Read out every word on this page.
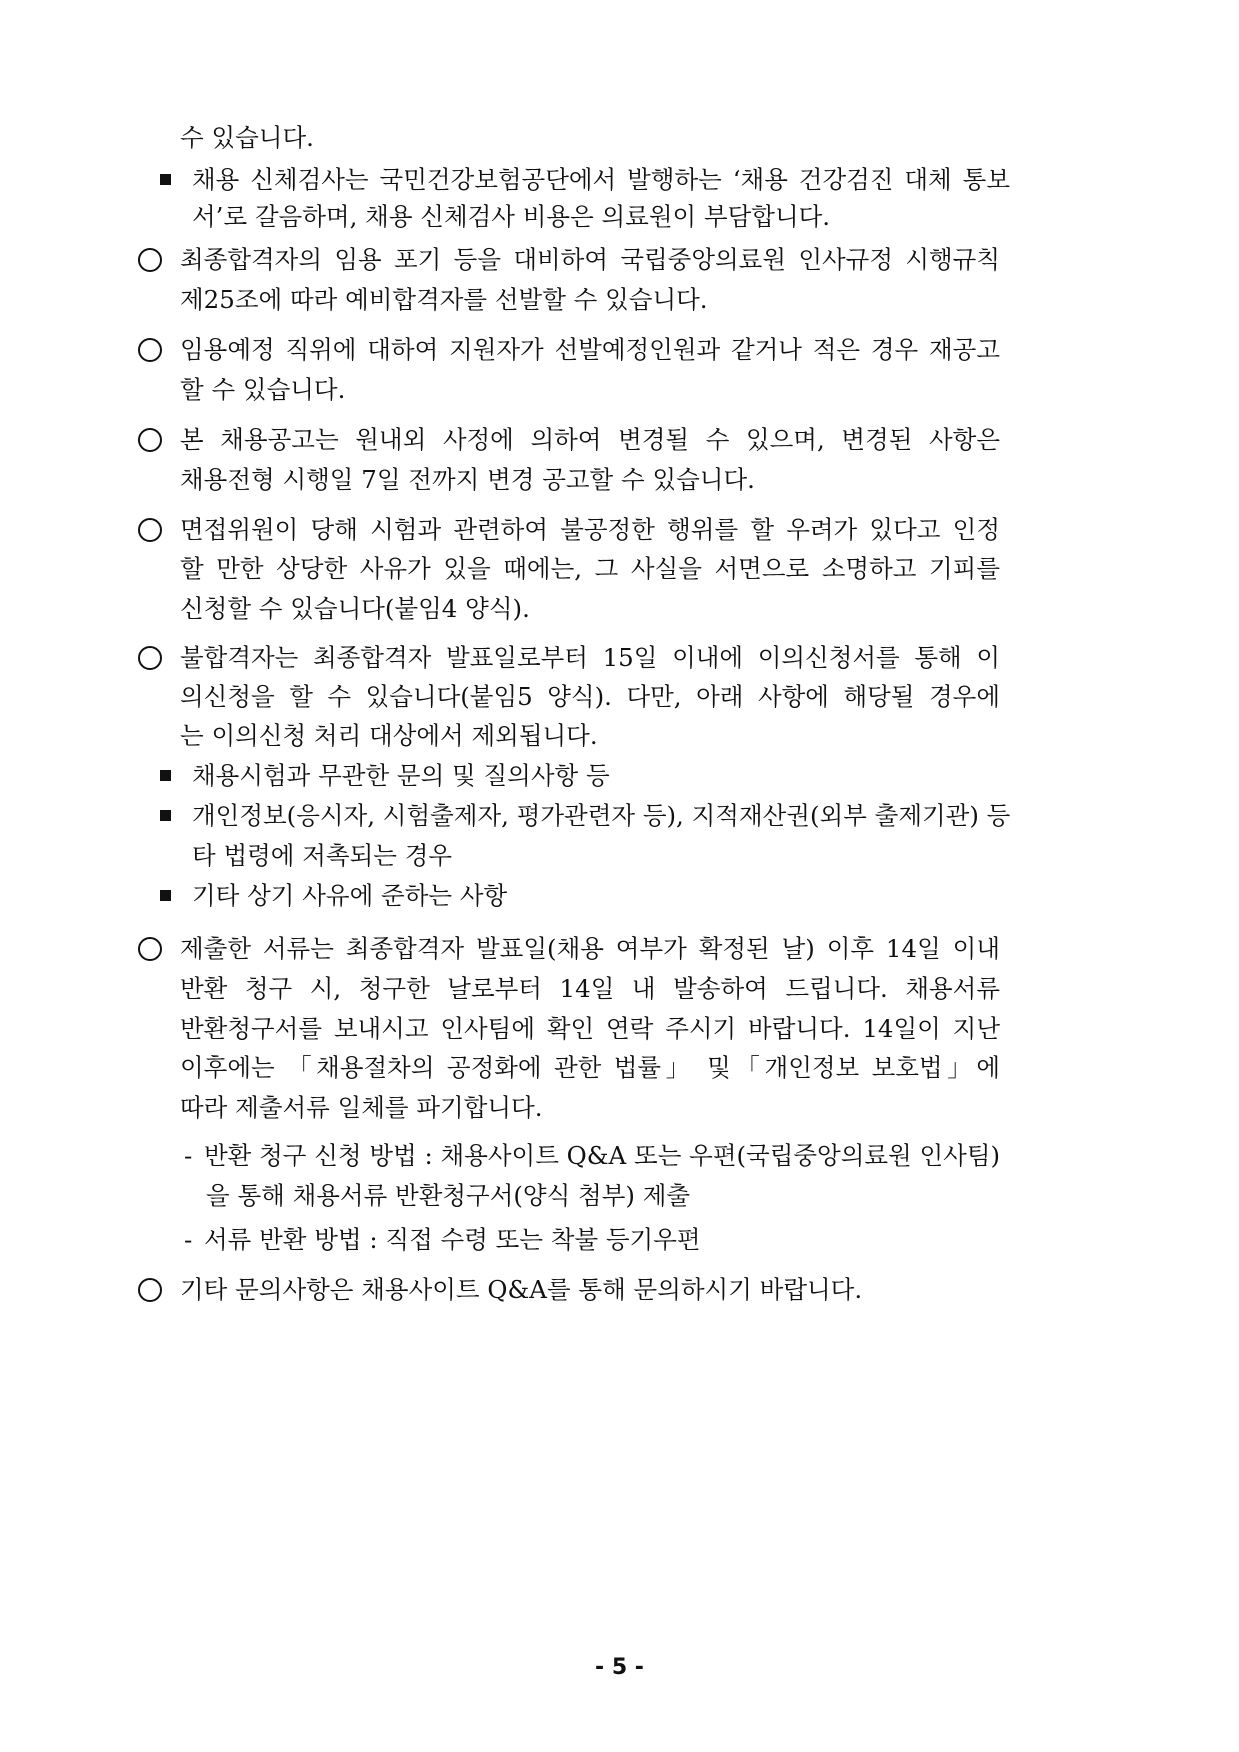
수 있습니다.
채용 신체검사는 국민건강보험공단에서 발행하는 ‘채용 건강검진 대체 통보
서’로 갈음하며, 채용 신체검사 비용은 의료원이 부담합니다.
최종합격자의 임용 포기 등을 대비하여 국립중앙의료원 인사규정 시행규칙
제25조에 따라 예비합격자를 선발할 수 있습니다.
임용예정 직위에 대하여 지원자가 선발예정인원과 같거나 적은 경우 재공고
할 수 있습니다.
본 채용공고는 원내외 사정에 의하여 변경될 수 있으며, 변경된 사항은
채용전형 시행일 7일 전까지 변경 공고할 수 있습니다.
면접위원이 당해 시험과 관련하여 불공정한 행위를 할 우려가 있다고 인정
할 만한 상당한 사유가 있을 때에는, 그 사실을 서면으로 소명하고 기피를
신청할 수 있습니다(붙임4 양식).
불합격자는 최종합격자 발표일로부터 15일 이내에 이의신청서를 통해 이
의신청을 할 수 있습니다(붙임5 양식). 다만, 아래 사항에 해당될 경우에
는 이의신청 처리 대상에서 제외됩니다.
채용시험과 무관한 문의 및 질의사항 등
개인정보(응시자, 시험출제자, 평가관련자 등), 지적재산권(외부 출제기관) 등
타 법령에 저촉되는 경우
기타 상기 사유에 준하는 사항
제출한 서류는 최종합격자 발표일(채용 여부가 확정된 날) 이후 14일 이내
반환 청구 시, 청구한 날로부터 14일 내 발송하여 드립니다. 채용서류
반환청구서를 보내시고 인사팀에 확인 연락 주시기 바랍니다. 14일이 지난
이후에는 「채용절차의 공정화에 관한 법률」 및「개인정보 보호법」에
따라 제출서류 일체를 파기합니다.
- 반환 청구 신청 방법 : 채용사이트 Q&A 또는 우편(국립중앙의료원 인사팀)
을 통해 채용서류 반환청구서(양식 첨부) 제출
- 서류 반환 방법 : 직접 수령 또는 착불 등기우편
기타 문의사항은 채용사이트 Q&A를 통해 문의하시기 바랍니다.
- 5 -
